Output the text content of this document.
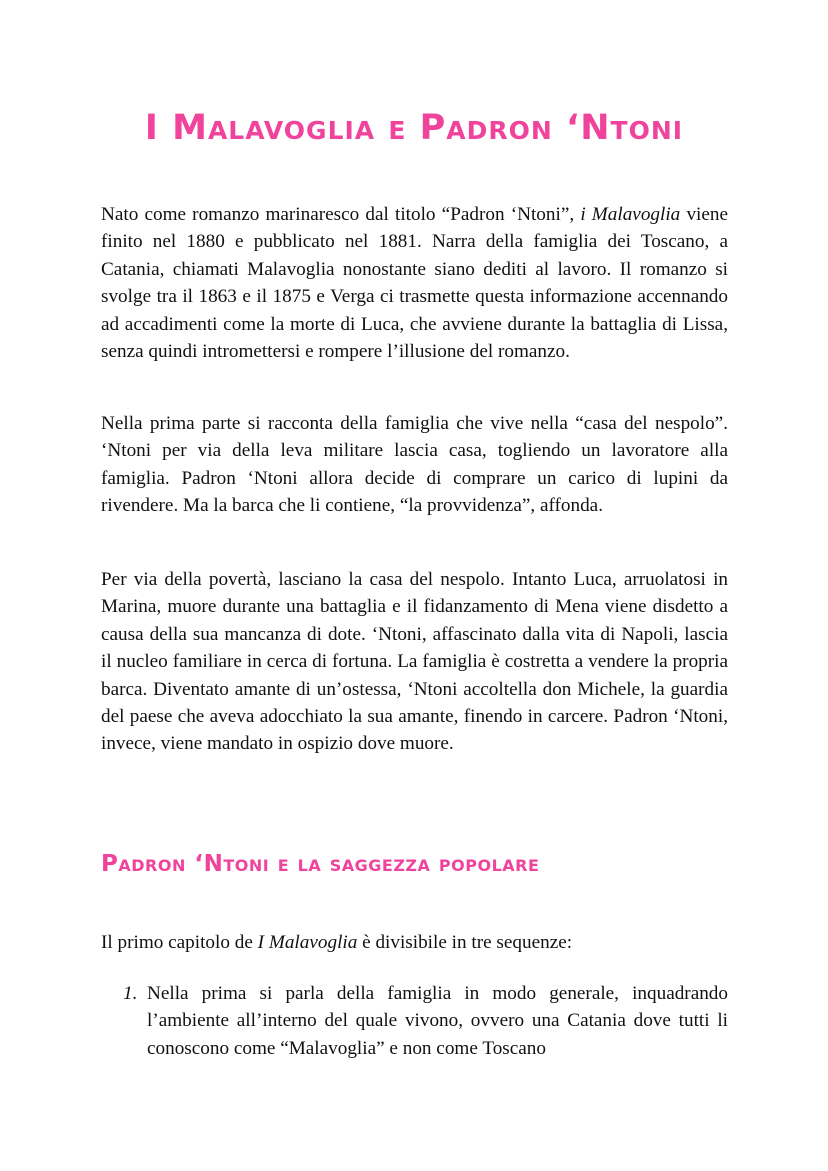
I Malavoglia e Padron ‘Ntoni

Nato come romanzo marinaresco dal titolo “Padron ‘Ntoni”, i Malavoglia viene finito nel 1880 e pubblicato nel 1881. Narra della famiglia dei Toscano, a Catania, chiamati Malavoglia nonostante siano dediti al lavoro. Il romanzo si svolge tra il 1863 e il 1875 e Verga ci trasmette questa informazione accennando ad accadimenti come la morte di Luca, che avviene durante la battaglia di Lissa, senza quindi intromettersi e rompere l’illusione del romanzo.

Nella prima parte si racconta della famiglia che vive nella “casa del nespolo”. ‘Ntoni per via della leva militare lascia casa, togliendo un lavoratore alla famiglia. Padron ‘Ntoni allora decide di comprare un carico di lupini da rivendere. Ma la barca che li contiene, “la provvidenza”, affonda.

Per via della povertà, lasciano la casa del nespolo. Intanto Luca, arruolatosi in Marina, muore durante una battaglia e il fidanzamento di Mena viene disdetto a causa della sua mancanza di dote. ‘Ntoni, affascinato dalla vita di Napoli, lascia il nucleo familiare in cerca di fortuna. La famiglia è costretta a vendere la propria barca. Diventato amante di un’ostessa, ‘Ntoni accoltella don Michele, la guardia del paese che aveva adocchiato la sua amante, finendo in carcere. Padron ‘Ntoni, invece, viene mandato in ospizio dove muore.

Padron ‘Ntoni e la saggezza popolare

Il primo capitolo de I Malavoglia è divisibile in tre sequenze:

1. Nella prima si parla della famiglia in modo generale, inquadrando l’ambiente all’interno del quale vivono, ovvero una Catania dove tutti li conoscono come “Malavoglia” e non come Toscano
